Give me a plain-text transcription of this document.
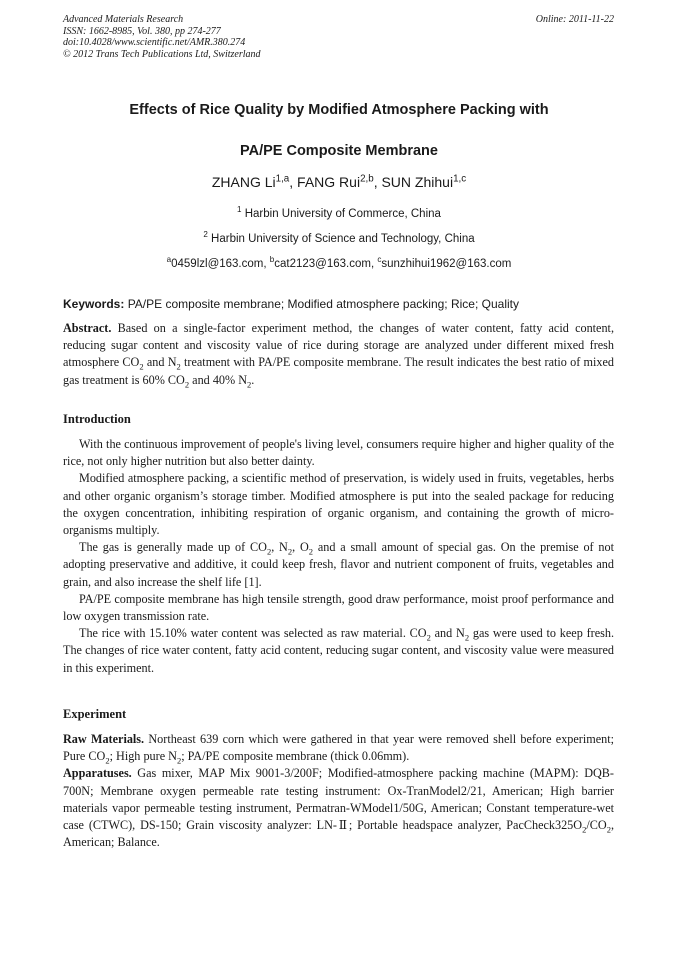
Advanced Materials Research
ISSN: 1662-8985, Vol. 380, pp 274-277
doi:10.4028/www.scientific.net/AMR.380.274
© 2012 Trans Tech Publications Ltd, Switzerland
Online: 2011-11-22
Effects of Rice Quality by Modified Atmosphere Packing with
PA/PE Composite Membrane
ZHANG Li$^{1,a}$, FANG Rui$^{2,b}$, SUN Zhihui$^{1,c}$
$^1$ Harbin University of Commerce, China
$^2$ Harbin University of Science and Technology, China
$^a$0459lzl@163.com, $^b$cat2123@163.com, $^c$sunzhihui1962@163.com
Keywords: PA/PE composite membrane; Modified atmosphere packing; Rice; Quality

Abstract. Based on a single-factor experiment method, the changes of water content, fatty acid content, reducing sugar content and viscosity value of rice during storage are analyzed under different mixed fresh atmosphere $CO_2$ and $N_2$ treatment with PA/PE composite membrane. The result indicates the best ratio of mixed gas treatment is 60% $CO_2$ and 40% $N_2$.

Introduction

With the continuous improvement of people's living level, consumers require higher and higher quality of the rice, not only higher nutrition but also better dainty.

Modified atmosphere packing, a scientific method of preservation, is widely used in fruits, vegetables, herbs and other organic organism’s storage timber. Modified atmosphere is put into the sealed package for reducing the oxygen concentration, inhibiting respiration of organic organism, and containing the growth of micro-organisms multiply.

The gas is generally made up of $CO_2$, $N_2$, $O_2$ and a small amount of special gas. On the premise of not adopting preservative and additive, it could keep fresh, flavor and nutrient component of fruits, vegetables and grain, and also increase the shelf life [1].

PA/PE composite membrane has high tensile strength, good draw performance, moist proof performance and low oxygen transmission rate.

The rice with 15.10% water content was selected as raw material. $CO_2$ and $N_2$ gas were used to keep fresh. The changes of rice water content, fatty acid content, reducing sugar content, and viscosity value were measured in this experiment.

Experiment

Raw Materials. Northeast 639 corn which were gathered in that year were removed shell before experiment; Pure $CO_2$; High pure $N_2$; PA/PE composite membrane (thick 0.06mm).

Apparatuses. Gas mixer, MAP Mix 9001-3/200F; Modified-atmosphere packing machine (MAPM): DQB-700N; Membrane oxygen permeable rate testing instrument: Ox-TranModel2/21, American; High barrier materials vapor permeable testing instrument, Permatran-WModel1/50G, American; Constant temperature-wet case (CTWC), DS-150; Grain viscosity analyzer: LN-Ⅱ; Portable headspace analyzer, $PacCheck325O_2/CO_2$, American; Balance.
